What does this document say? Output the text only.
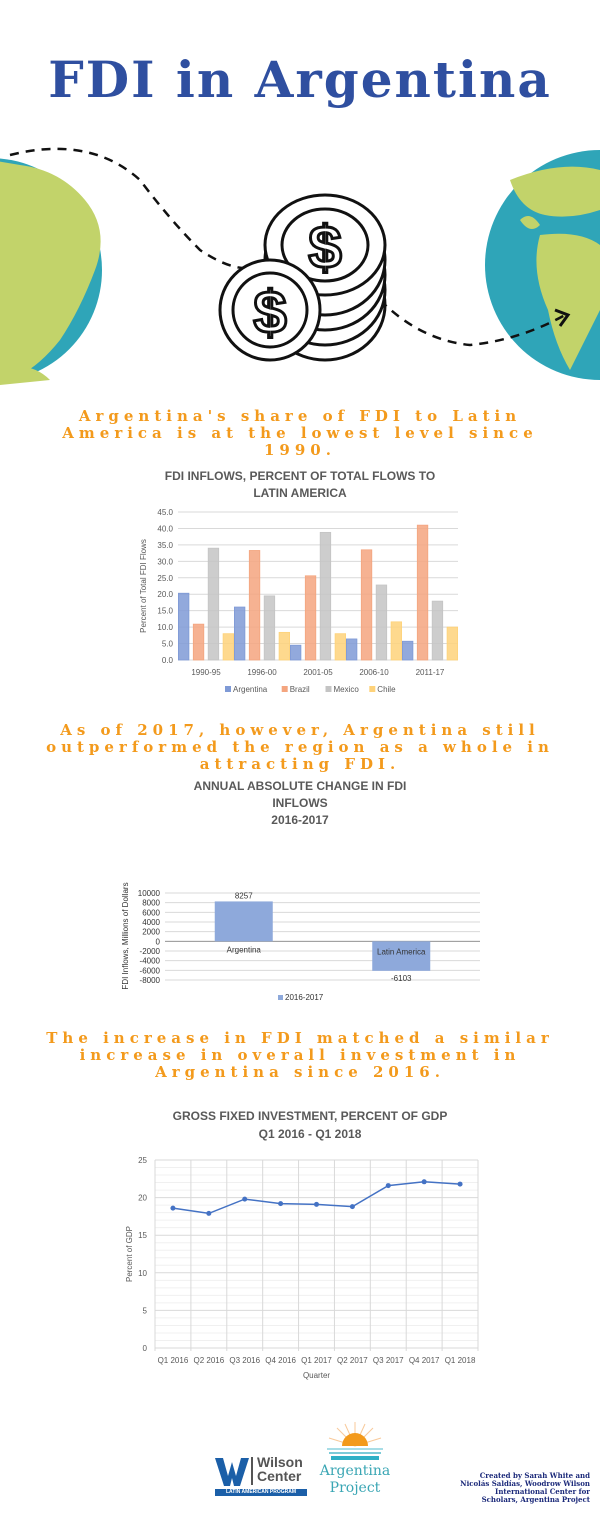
FDI in Argentina
$
$
Argentina's share of FDI to Latin America is at the lowest level since 1990.
As of 2017, however, Argentina still outperformed the region as a whole in attracting FDI.
The increase in FDI matched a similar increase in overall investment in Argentina since 2016.
FDI INFLOWS, PERCENT OF TOTAL FLOWS TO
LATIN AMERICA
0.0
5.0
10.0
15.0
20.0
25.0
30.0
35.0
40.0
45.0
Percent of Total FDI Flows
1990-95	1996-00	2001-05	2006-10	2011-17
Argentina	Brazil	Mexico Chile
ANNUAL ABSOLUTE CHANGE IN FDI
INFLOWS
2016-2017
-8000
-6000
-4000
-2000
0
2000
4000
6000
8000
10000
FDI Inflows, Millions of Dollars	8257
Argentina
-6103
Latin America
2016-2017
GROSS FIXED INVESTMENT, PERCENT OF GDP
Q1 2016 - Q1 2018
0
5
10
15
20
25
Q1 2016 Q2 2016 Q3 2016 Q4 2016 Q1 2017 Q2 2017 Q3 2017 Q4 2017 Q1 2018
Percent of GDP
Quarter
Wilson
Center
LATIN AMERICAN PROGRAM
Argentina
Project
Created by Sarah White and Nicolás Saldías, Woodrow Wilson International Center for Scholars, Argentina Project
